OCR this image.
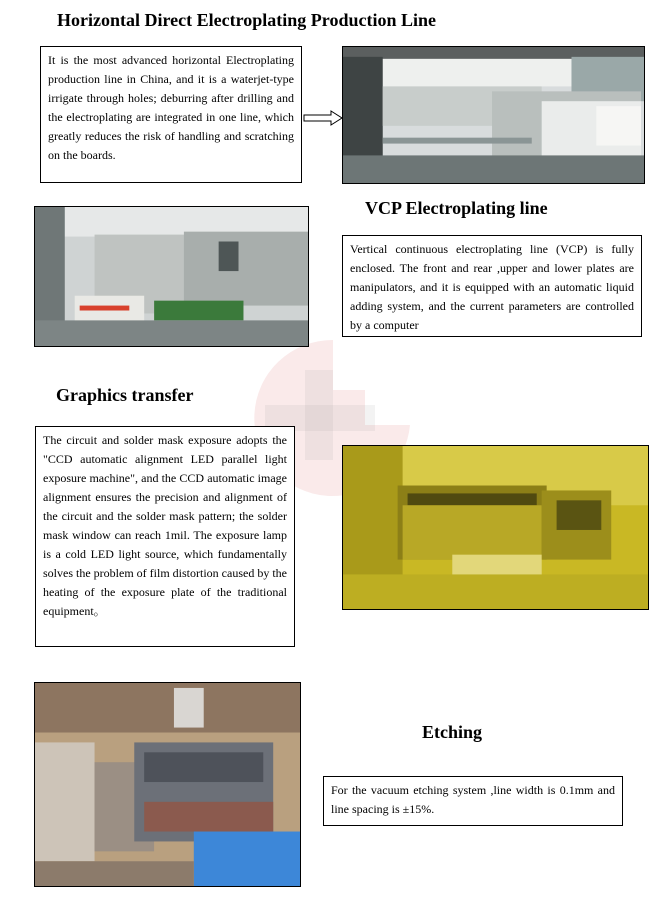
Horizontal Direct Electroplating Production Line
It is the most advanced horizontal Electroplating production line in China, and it is a waterjet-type irrigate through holes; deburring after drilling and the electroplating are integrated in one line, which greatly reduces the risk of handling and scratching on the boards.
VCP Electroplating line
Vertical continuous electroplating line (VCP) is fully enclosed. The front and rear ,upper and lower plates are manipulators, and it is equipped with an automatic liquid adding system, and the current parameters are controlled by a computer
Graphics transfer
The circuit and solder mask exposure adopts the "CCD automatic alignment LED parallel light exposure machine", and the CCD automatic image alignment ensures the precision and alignment of the circuit and the solder mask pattern; the solder mask window can reach 1mil. The exposure lamp is a cold LED light source, which fundamentally solves the problem of film distortion caused by the heating of the exposure plate of the traditional equipment。
Etching
For the vacuum etching system ,line width is 0.1mm and line spacing is ±15%.
